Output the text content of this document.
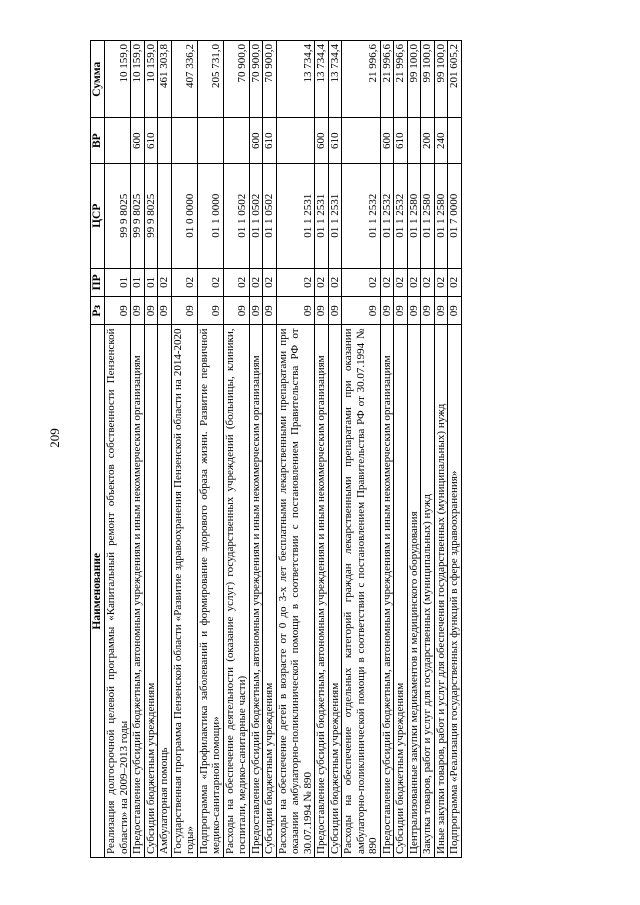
209
Наименование	Рз	ПР	ЦСР	ВР	Сумма
Реализация долгосрочной целевой программы «Капитальный ремонт объектов собственности Пензенской области» на 2009–2013 годы	09	01	99 9 8025		10 159,0
Предоставление субсидий бюджетным, автономным учреждениям и иным некоммерческим организациям	09	01	99 9 8025	600	10 159,0
Субсидии бюджетным учреждениям	09	01	99 9 8025	610	10 159,0
Амбулаторная помощь	09	02			461 303,8
Государственная программа Пензенской области «Развитие здравоохранения Пензенской области на 2014-2020 годы»	09	02	01 0 0000		407 336,2
Подпрограмма «Профилактика заболеваний и формирование здорового образа жизни. Развитие первичной медико-санитарной помощи»	09	02	01 1 0000		205 731,0
Расходы на обеспечение деятельности (оказание услуг) государственных учреждений (больницы, клиники, госпитали, медико-санитарные части)	09	02	01 1 0502		70 900,0
Предоставление субсидий бюджетным, автономным учреждениям и иным некоммерческим организациям	09	02	01 1 0502	600	70 900,0
Субсидии бюджетным учреждениям	09	02	01 1 0502	610	70 900,0
Расходы на обеспечение детей в возрасте от 0 до 3-х лет бесплатными лекарственными препаратами при оказании амбулаторно-поликлинической помощи в соответствии с постановлением Правительства РФ от 30.07.1994 № 890	09	02	01 1 2531		13 734,4
Предоставление субсидий бюджетным, автономным учреждениям и иным некоммерческим организациям	09	02	01 1 2531	600	13 734,4
Субсидии бюджетным учреждениям	09	02	01 1 2531	610	13 734,4
Расходы на обеспечение отдельных категорий граждан лекарственными препаратами при оказании амбулаторно-поликлинической помощи в соответствии с постановлением Правительства РФ от 30.07.1994 № 890	09	02	01 1 2532		21 996,6
Предоставление субсидий бюджетным, автономным учреждениям и иным некоммерческим организациям	09	02	01 1 2532	600	21 996,6
Субсидии бюджетным учреждениям	09	02	01 1 2532	610	21 996,6
Централизованные закупки медикаментов и медицинского оборудования	09	02	01 1 2580		99 100,0
Закупка товаров, работ и услуг для государственных (муниципальных) нужд	09	02	01 1 2580	200	99 100,0
Иные закупки товаров, работ и услуг для обеспечения государственных (муниципальных) нужд	09	02	01 1 2580	240	99 100,0
Подпрограмма «Реализация государственных функций в сфере здравоохранения»	09	02	01 7 0000		201 605,2
